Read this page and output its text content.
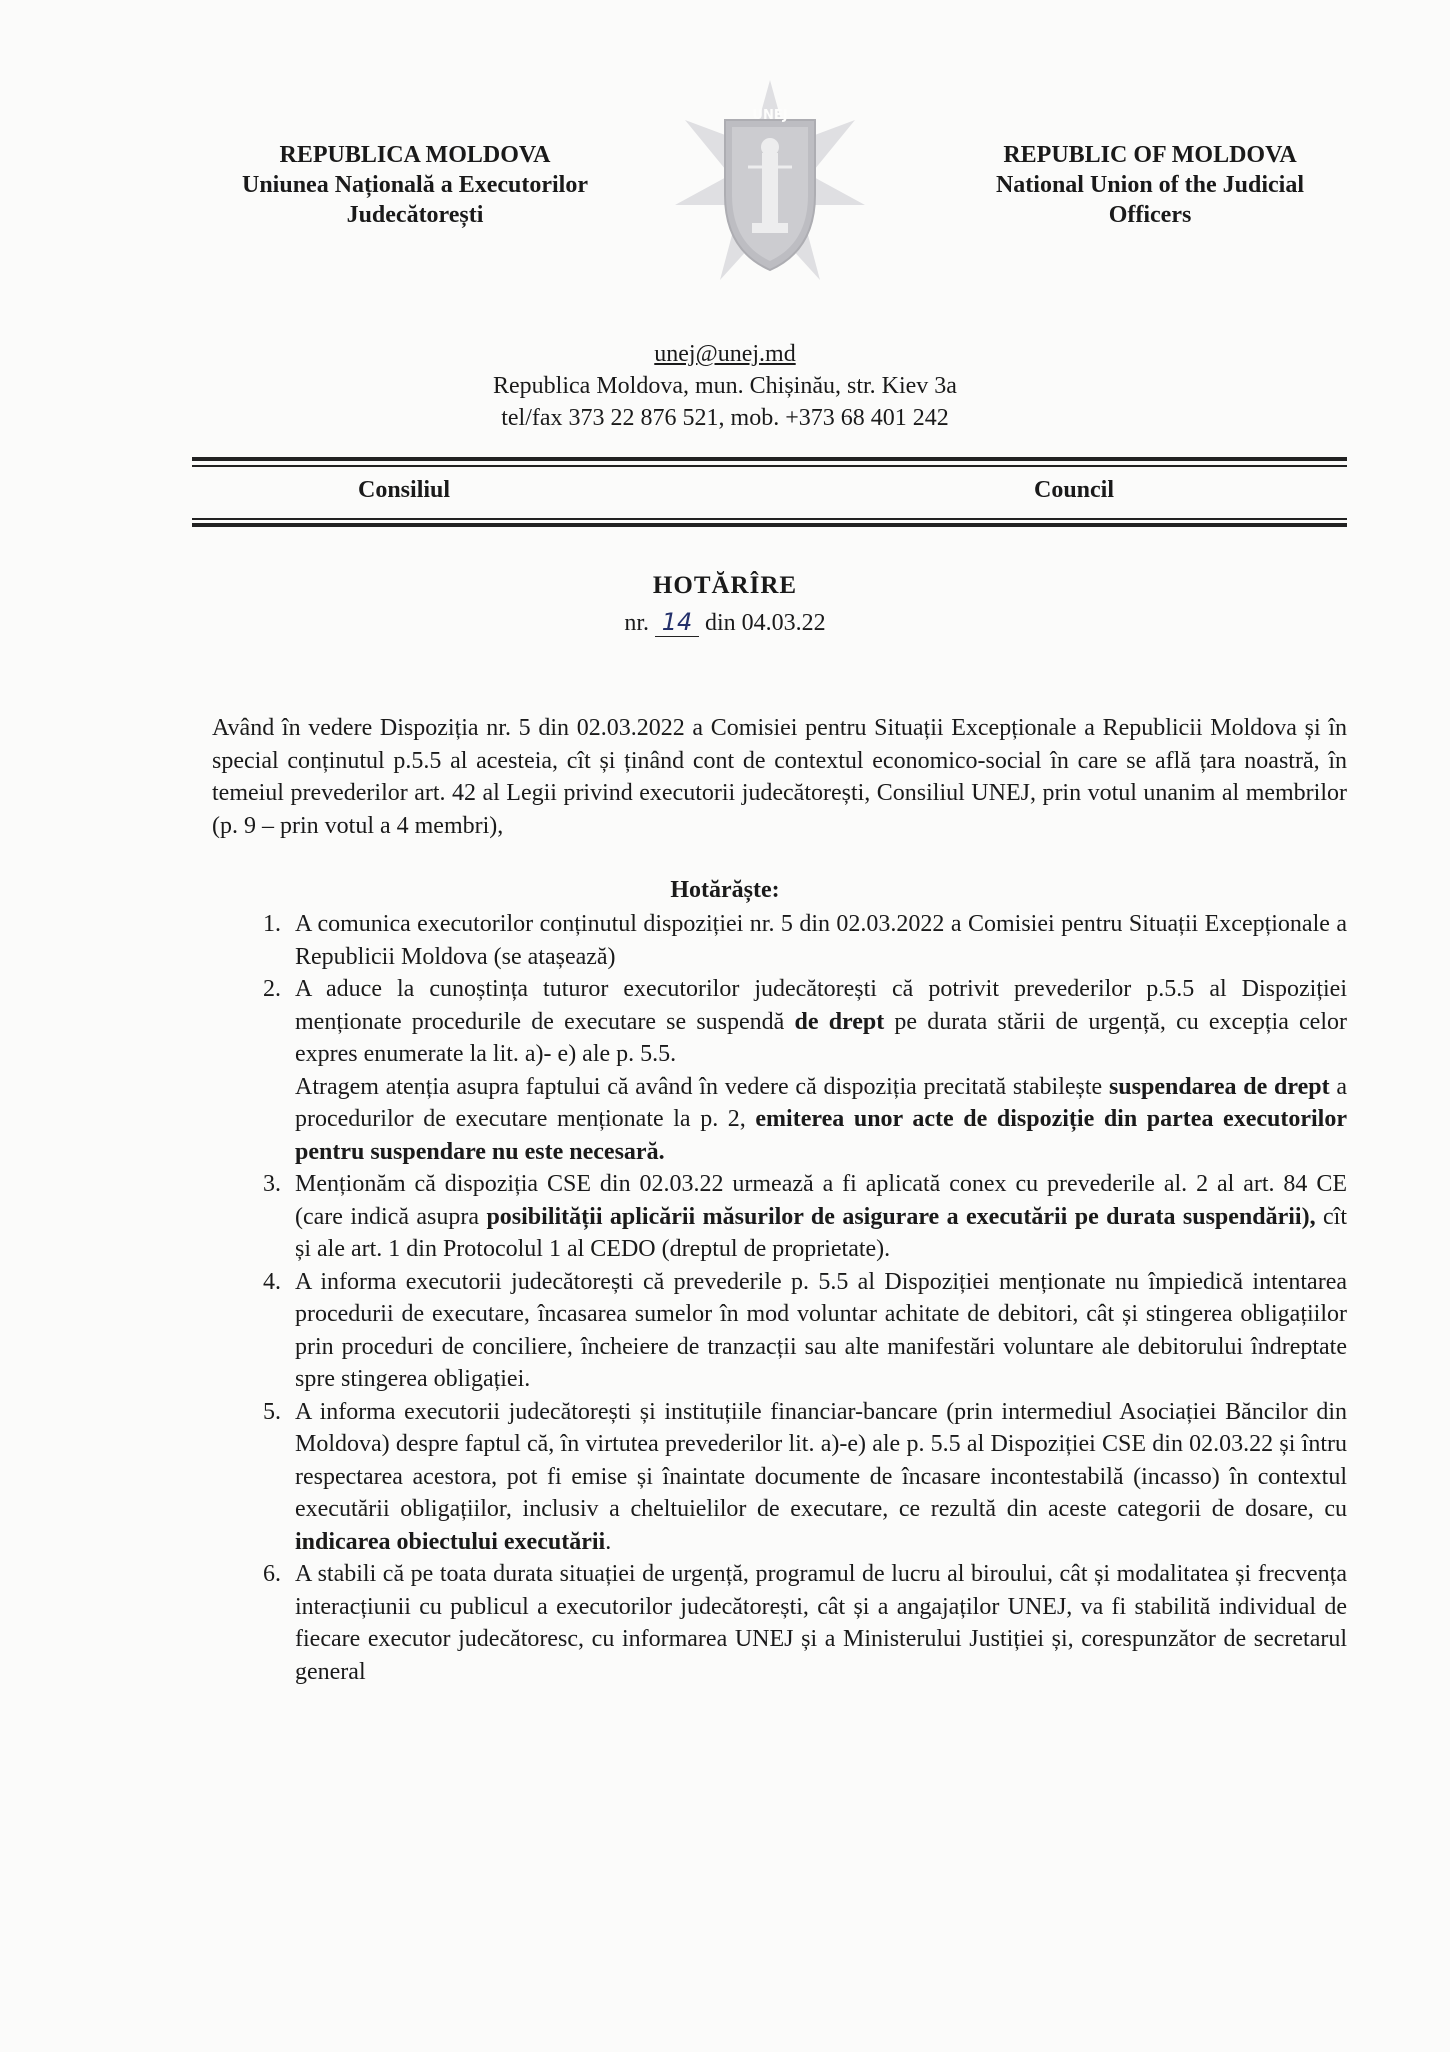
REPUBLICA MOLDOVA
Uniunea Națională a Executorilor
Judecătorești
UNEJ
REPUBLIC OF MOLDOVA
National Union of the Judicial
Officers
unej@unej.md
Republica Moldova, mun. Chișinău, str. Kiev 3a
tel/fax 373 22 876 521, mob. +373 68 401 242
Consiliul	Council
HOTĂRÎRE
nr. 14 din 04.03.22
Având în vedere Dispoziția nr. 5 din 02.03.2022 a Comisiei pentru Situații Excepționale a Republicii Moldova și în special conținutul p.5.5 al acesteia, cît și ținând cont de contextul economico-social în care se află țara noastră, în temeiul prevederilor art. 42 al Legii privind executorii judecătorești, Consiliul UNEJ, prin votul unanim al membrilor (p. 9 – prin votul a 4 membri),
Hotărăște:
1. A comunica executorilor conținutul dispoziției nr. 5 din 02.03.2022 a Comisiei pentru Situații Excepționale a Republicii Moldova (se atașează)
2. A aduce la cunoștința tuturor executorilor judecătorești că potrivit prevederilor p.5.5 al Dispoziției menționate procedurile de executare se suspendă de drept pe durata stării de urgență, cu excepția celor expres enumerate la lit. a)- e) ale p. 5.5.
Atragem atenția asupra faptului că având în vedere că dispoziția precitată stabilește suspendarea de drept a procedurilor de executare menționate la p. 2, emiterea unor acte de dispoziție din partea executorilor pentru suspendare nu este necesară.
3. Menționăm că dispoziția CSE din 02.03.22 urmează a fi aplicată conex cu prevederile al. 2 al art. 84 CE (care indică asupra posibilității aplicării măsurilor de asigurare a executării pe durata suspendării), cît și ale art. 1 din Protocolul 1 al CEDO (dreptul de proprietate).
4. A informa executorii judecătorești că prevederile p. 5.5 al Dispoziției menționate nu împiedică intentarea procedurii de executare, încasarea sumelor în mod voluntar achitate de debitori, cât și stingerea obligațiilor prin proceduri de conciliere, încheiere de tranzacții sau alte manifestări voluntare ale debitorului îndreptate spre stingerea obligației.
5. A informa executorii judecătorești și instituțiile financiar-bancare (prin intermediul Asociației Băncilor din Moldova) despre faptul că, în virtutea prevederilor lit. a)-e) ale p. 5.5 al Dispoziției CSE din 02.03.22 și întru respectarea acestora, pot fi emise și înaintate documente de încasare incontestabilă (incasso) în contextul executării obligațiilor, inclusiv a cheltuielilor de executare, ce rezultă din aceste categorii de dosare, cu indicarea obiectului executării.
6. A stabili că pe toata durata situației de urgență, programul de lucru al biroului, cât și modalitatea și frecvența interacțiunii cu publicul a executorilor judecătorești, cât și a angajaților UNEJ, va fi stabilită individual de fiecare executor judecătoresc, cu informarea UNEJ și a Ministerului Justiției și, corespunzător de secretarul general
